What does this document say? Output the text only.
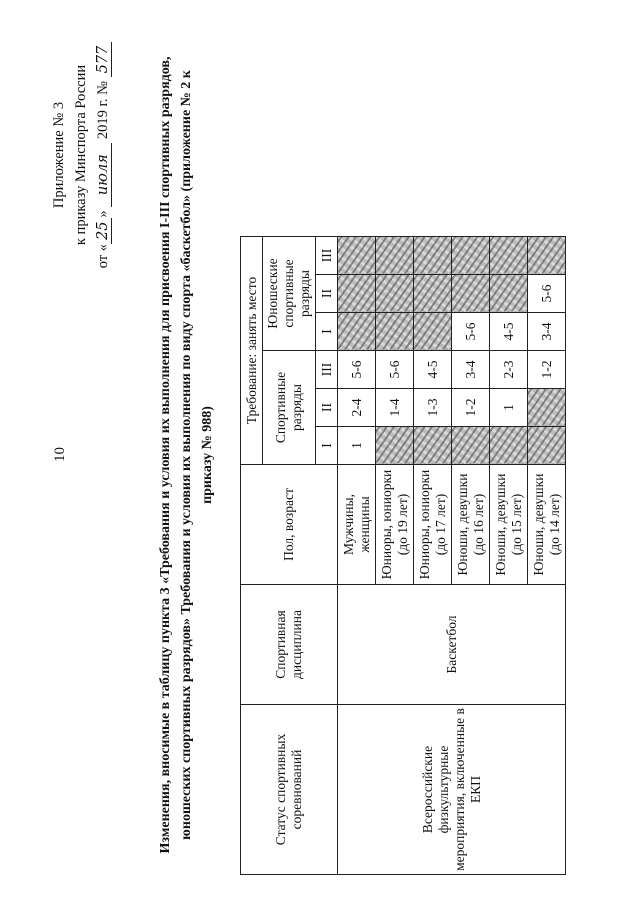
10
Приложение № 3 к приказу Минспорта России
от «25» июля 2019 г. № 577	Изменения, вносимые в таблицу пункта 3 «Требования и условия их выполнения для присвоения I-III спортивных разрядов, юношеских спортивных разрядов» Требования и условия их выполнения по виду спорта «баскетбол» (приложение № 2 к приказу № 988)
Статус спортивных соревнований	Спортивная дисциплина	Пол, возраст	Требование: занять место					
			Спортивные разряды			Юношеские спортивные разряды		
			I	II	III	I	II	III
Всероссийские физкультурные мероприятия, включенные в ЕКП	Баскетбол	Мужчины, женщины	1	2-4	5-6			
		Юниоры, юниорки (до 19 лет)		1-4	5-6			
		Юниоры, юниорки (до 17 лет)		1-3	4-5			
		Юноши, девушки (до 16 лет)		1-2	3-4	5-6		
		Юноши, девушки (до 15 лет)		1	2-3	4-5		
		Юноши, девушки (до 14 лет)			1-2	3-4	5-6	
